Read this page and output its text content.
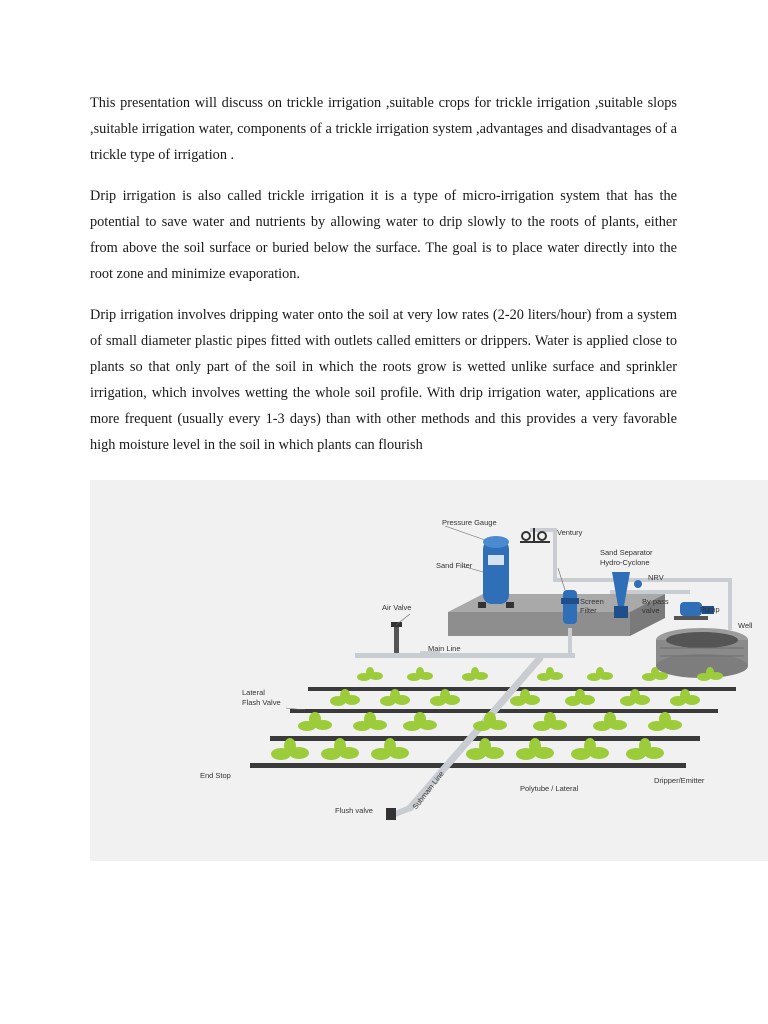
This presentation will discuss on trickle irrigation ,suitable crops for trickle irrigation ,suitable slops ,suitable irrigation water, components of a trickle irrigation system ,advantages and disadvantages of a trickle type of irrigation .

Drip irrigation is also called trickle irrigation it is a type of micro-irrigation system that has the potential to save water and nutrients by allowing water to drip slowly to the roots of plants, either from above the soil surface or buried below the surface. The goal is to place water directly into the root zone and minimize evaporation.

Drip irrigation involves dripping water onto the soil at very low rates (2-20 liters/hour) from a system of small diameter plastic pipes fitted with outlets called emitters or drippers. Water is applied close to plants so that only part of the soil in which the roots grow is wetted unlike surface and sprinkler irrigation, which involves wetting the whole soil profile. With drip irrigation water, applications are more frequent (usually every 1-3 days) than with other methods and this provides a very favorable high moisture level in the soil in which plants can flourish

Pressure Gauge
Ventury
Sand Separator
Hydro-Cyclone
Sand Filter
NRV
By pass
valve	Pump
Well
Air Valve
Screen
Filter
Main Line
Lateral
Flash Valve
End Stop
Dripper/Emitter
Polytube / Lateral
Submain Line
Flush valve
